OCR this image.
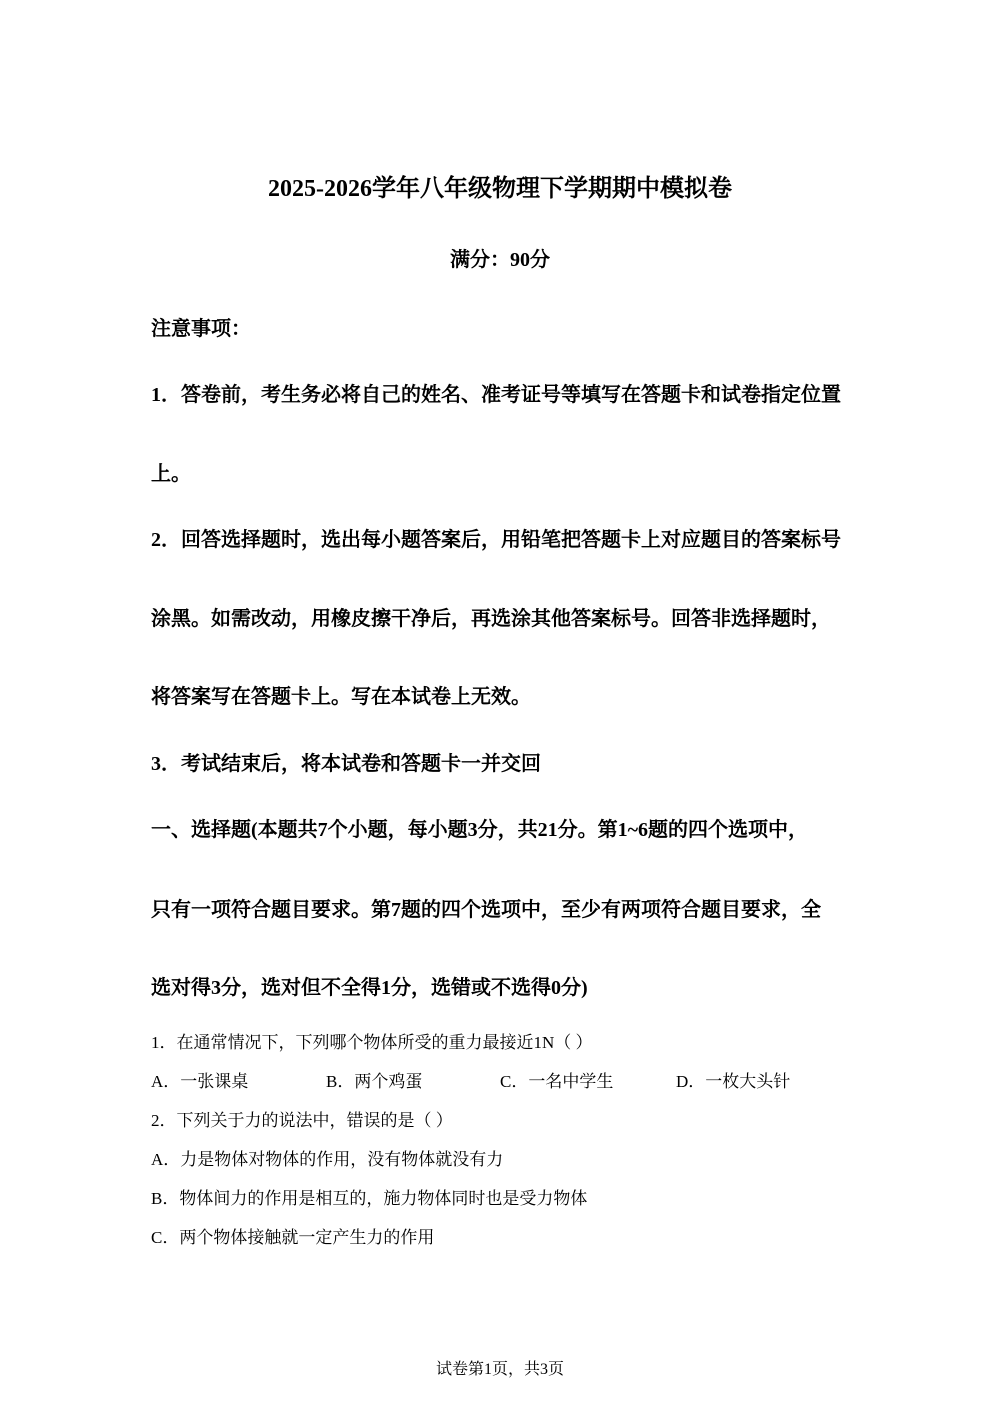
2025-2026学年八年级物理下学期期中模拟卷
满分：90分
注意事项：
1．答卷前，考生务必将自己的姓名、准考证号等填写在答题卡和试卷指定位置
上。
2．回答选择题时，选出每小题答案后，用铅笔把答题卡上对应题目的答案标号
涂黑。如需改动，用橡皮擦干净后，再选涂其他答案标号。回答非选择题时，
将答案写在答题卡上。写在本试卷上无效。
3．考试结束后，将本试卷和答题卡一并交回
一、选择题(本题共7个小题，每小题3分，共21分。第1~6题的四个选项中，
只有一项符合题目要求。第7题的四个选项中，至少有两项符合题目要求，全
选对得3分，选对但不全得1分，选错或不选得0分)
1．在通常情况下，下列哪个物体所受的重力最接近1N（ ）
A．一张课桌	B．两个鸡蛋	C．一名中学生	D．一枚大头针
2．下列关于力的说法中，错误的是（ ）
A．力是物体对物体的作用，没有物体就没有力
B．物体间力的作用是相互的，施力物体同时也是受力物体
C．两个物体接触就一定产生力的作用
试卷第1页，共3页
